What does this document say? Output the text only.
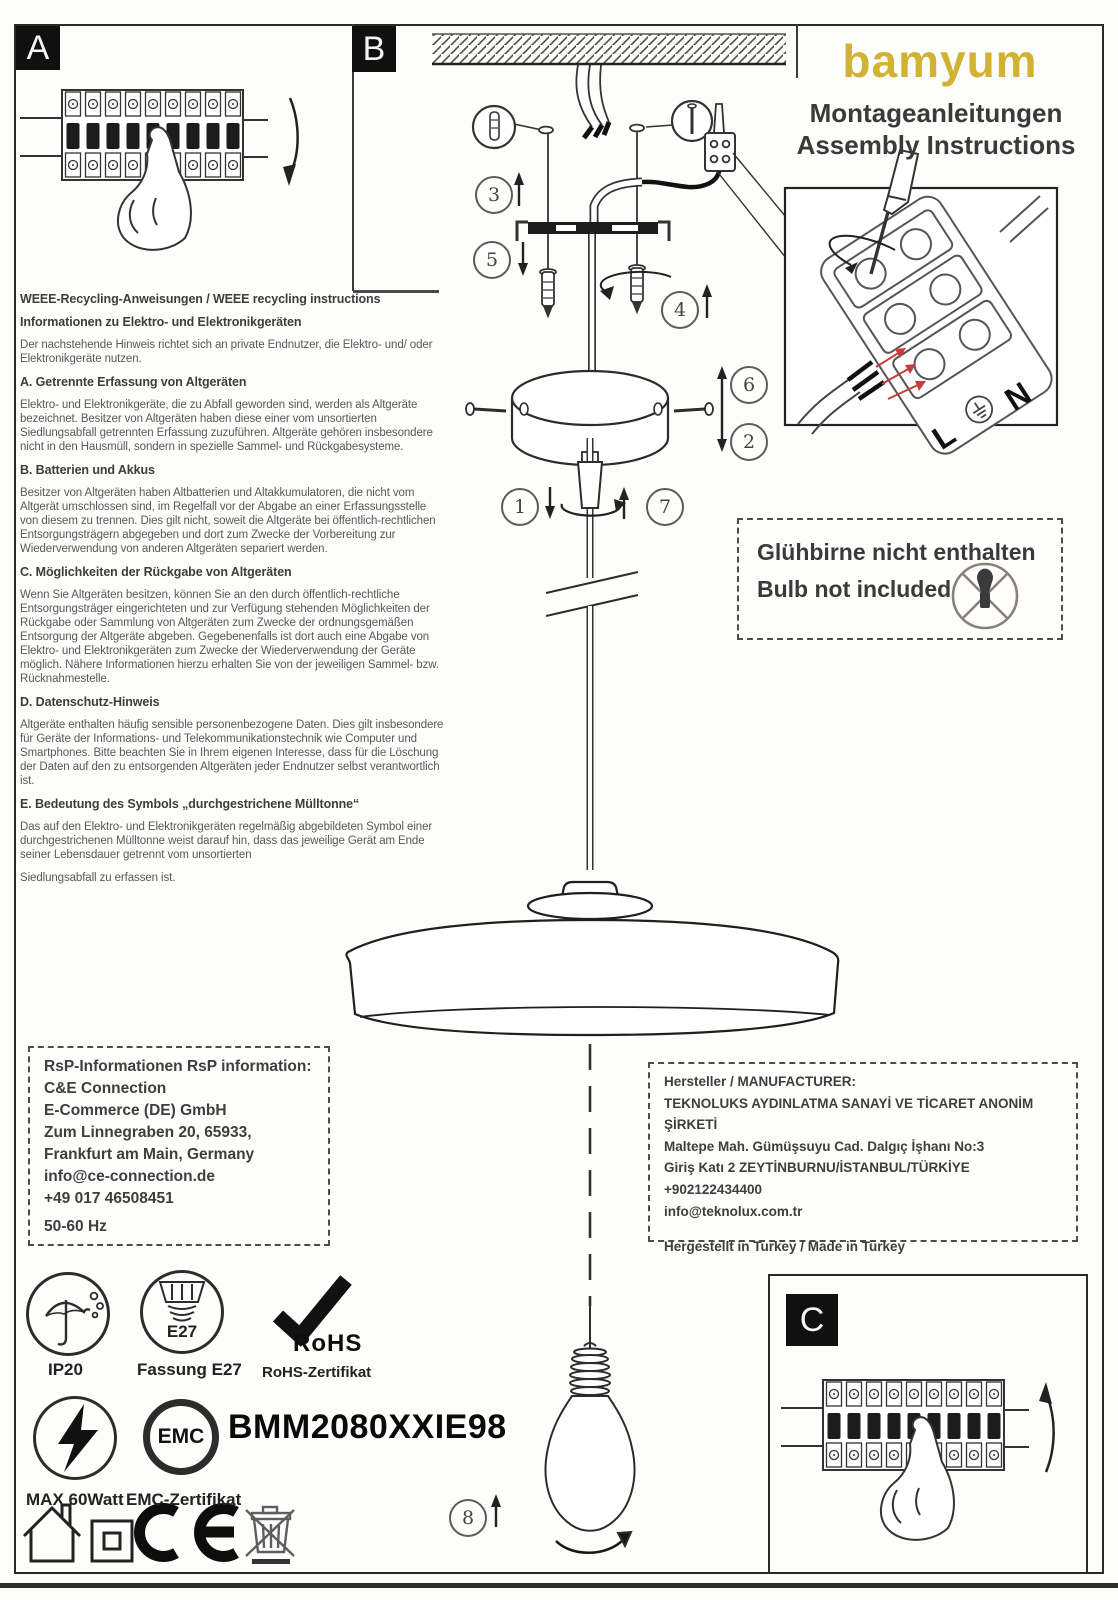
L
N
A	B
C
bamyum
Montageanleitungen
Assembly Instructions
3
5
4
6
2
1	7
8
WEEE-Recycling-Anweisungen / WEEE recycling instructions
Informationen zu Elektro- und Elektronikgeräten

Der nachstehende Hinweis richtet sich an private Endnutzer, die Elektro- und/ oder Elektronikgeräte nutzen.

A. Getrennte Erfassung von Altgeräten

Elektro- und Elektronikgeräte, die zu Abfall geworden sind, werden als Altgeräte bezeichnet. Besitzer von Altgeräten haben diese einer vom unsortierten Siedlungsabfall getrennten Erfassung zuzuführen. Altgeräte gehören insbesondere nicht in den Hausmüll, sondern in spezielle Sammel- und Rückgabesysteme.

B. Batterien und Akkus

Besitzer von Altgeräten haben Altbatterien und Altakkumulatoren, die nicht vom Altgerät umschlossen sind, im Regelfall vor der Abgabe an einer Erfassungsstelle von diesem zu trennen. Dies gilt nicht, soweit die Altgeräte bei öffentlich-rechtlichen Entsorgungsträgern abgegeben und dort zum Zwecke der Vorbereitung zur Wiederverwendung von anderen Altgeräten separiert werden.

C. Möglichkeiten der Rückgabe von Altgeräten

Wenn Sie Altgeräten besitzen, können Sie an den durch öffentlich-rechtliche Entsorgungsträger eingerichteten und zur Verfügung stehenden Möglichkeiten der Rückgabe oder Sammlung von Altgeräten zum Zwecke der ordnungsgemäßen Entsorgung der Altgeräte abgeben. Gegebenenfalls ist dort auch eine Abgabe von Elektro- und Elektronikgeräten zum Zwecke der Wiederverwendung der Geräte möglich. Nähere Informationen hierzu erhalten Sie von der jeweiligen Sammel- bzw. Rücknahmestelle.

D. Datenschutz-Hinweis

Altgeräte enthalten häufig sensible personenbezogene Daten. Dies gilt insbesondere für Geräte der Informations- und Telekommunikationstechnik wie Computer und Smartphones. Bitte beachten Sie in Ihrem eigenen Interesse, dass für die Löschung der Daten auf den zu entsorgenden Altgeräten jeder Endnutzer selbst verantwortlich ist.

E. Bedeutung des Symbols „durchgestrichene Mülltonne“

Das auf den Elektro- und Elektronikgeräten regelmäßig abgebildeten Symbol einer durchgestrichenen Mülltonne weist darauf hin, dass das jeweilige Gerät am Ende seiner Lebensdauer getrennt vom unsortierten

Siedlungsabfall zu erfassen ist.

Glühbirne nicht enthalten
Bulb not included
RsP-Informationen RsP information:
C&E Connection
E-Commerce (DE) GmbH
Zum Linnegraben 20, 65933,
Frankfurt am Main, Germany
info@ce-connection.de
+49 017 46508451
50-60 Hz
Hersteller / MANUFACTURER:
TEKNOLUKS AYDINLATMA SANAYİ VE TİCARET ANONİM ŞİRKETİ
Maltepe Mah. Gümüşsuyu Cad. Dalgıç İşhanı No:3
Giriş Katı 2 ZEYTİNBURNU/İSTANBUL/TÜRKİYE
+902122434400
info@teknolux.com.tr
Hergestellt in Turkey / Made in Turkey
IP20
E27
Fassung E27
RoHS
RoHS-Zertifikat
MAX 60Watt
EMC
EMC-Zertifikat
BMM2080XXIE98
